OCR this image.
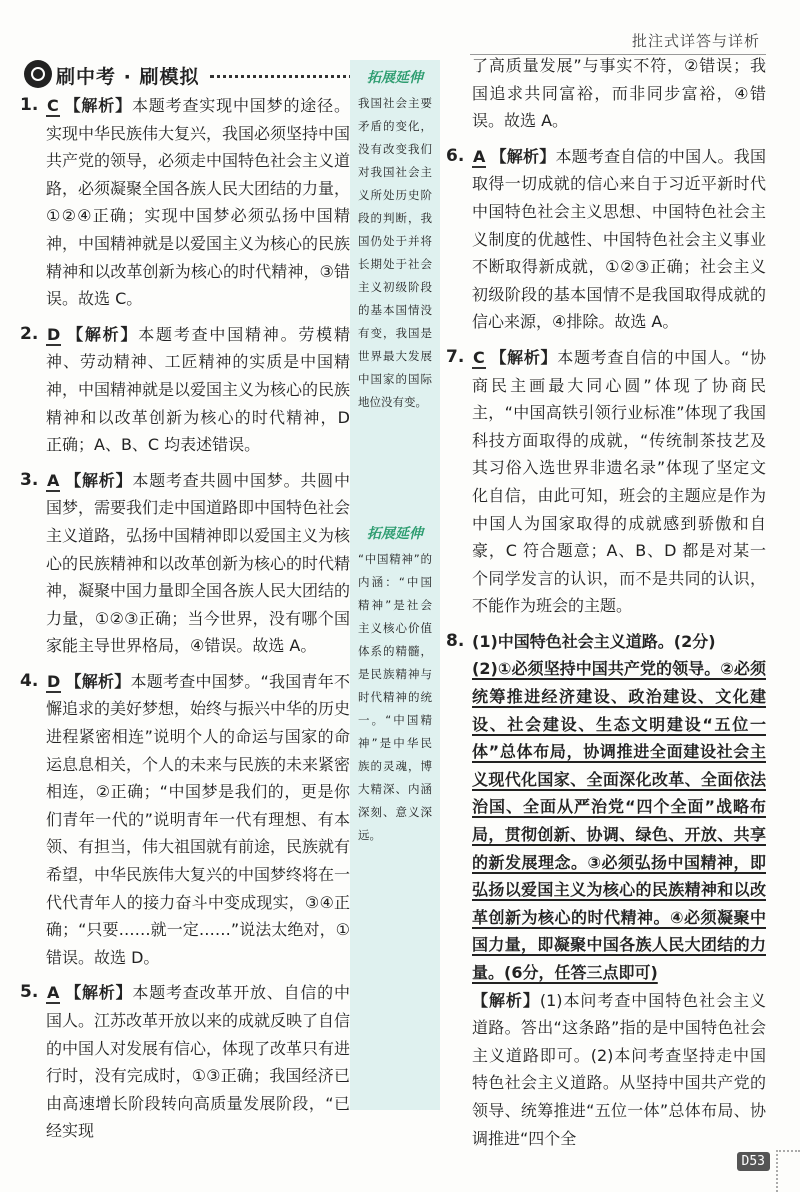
批注式详答与详析
刷中考 · 刷模拟
1. C 【解析】本题考查实现中国梦的途径。实现中华民族伟大复兴，我国必须坚持中国共产党的领导，必须走中国特色社会主义道路，必须凝聚全国各族人民大团结的力量，①②④正确；实现中国梦必须弘扬中国精神，中国精神就是以爱国主义为核心的民族精神和以改革创新为核心的时代精神，③错误。故选 C。
2. D 【解析】本题考查中国精神。劳模精神、劳动精神、工匠精神的实质是中国精神，中国精神就是以爱国主义为核心的民族精神和以改革创新为核心的时代精神，D 正确；A、B、C 均表述错误。
3. A 【解析】本题考查共圆中国梦。共圆中国梦，需要我们走中国道路即中国特色社会主义道路，弘扬中国精神即以爱国主义为核心的民族精神和以改革创新为核心的时代精神，凝聚中国力量即全国各族人民大团结的力量，①②③正确；当今世界，没有哪个国家能主导世界格局，④错误。故选 A。
4. D 【解析】本题考查中国梦。“我国青年不懈追求的美好梦想，始终与振兴中华的历史进程紧密相连”说明个人的命运与国家的命运息息相关，个人的未来与民族的未来紧密相连，②正确；“中国梦是我们的，更是你们青年一代的”说明青年一代有理想、有本领、有担当，伟大祖国就有前途，民族就有希望，中华民族伟大复兴的中国梦终将在一代代青年人的接力奋斗中变成现实，③④正确；“只要……就一定……”说法太绝对，①错误。故选 D。
5. A 【解析】本题考查改革开放、自信的中国人。江苏改革开放以来的成就反映了自信的中国人对发展有信心，体现了改革只有进行时，没有完成时，①③正确；我国经济已由高速增长阶段转向高质量发展阶段，“已经实现
拓展延伸
我国社会主要矛盾的变化，没有改变我们对我国社会主义所处历史阶段的判断，我国仍处于并将长期处于社会主义初级阶段的基本国情没有变，我国是世界最大发展中国家的国际地位没有变。
拓展延伸
“中国精神”的内涵：“中国精神”是社会主义核心价值体系的精髓，是民族精神与时代精神的统一。“中国精神”是中华民族的灵魂，博大精深、内涵深刻、意义深远。
了高质量发展”与事实不符，②错误；我国追求共同富裕，而非同步富裕，④错误。故选 A。
6. A 【解析】本题考查自信的中国人。我国取得一切成就的信心来自于习近平新时代中国特色社会主义思想、中国特色社会主义制度的优越性、中国特色社会主义事业不断取得新成就，①②③正确；社会主义初级阶段的基本国情不是我国取得成就的信心来源，④排除。故选 A。
7. C 【解析】本题考查自信的中国人。“协商民主画最大同心圆”体现了协商民主，“中国高铁引领行业标准”体现了我国科技方面取得的成就，“传统制茶技艺及其习俗入选世界非遗名录”体现了坚定文化自信，由此可知，班会的主题应是作为中国人为国家取得的成就感到骄傲和自豪，C 符合题意；A、B、D 都是对某一个同学发言的认识，而不是共同的认识，不能作为班会的主题。
8. (1)中国特色社会主义道路。(2分)
(2)①必须坚持中国共产党的领导。②必须统筹推进经济建设、政治建设、文化建设、社会建设、生态文明建设“五位一体”总体布局，协调推进全面建设社会主义现代化国家、全面深化改革、全面依法治国、全面从严治党“四个全面”战略布局，贯彻创新、协调、绿色、开放、共享的新发展理念。③必须弘扬中国精神，即弘扬以爱国主义为核心的民族精神和以改革创新为核心的时代精神。④必须凝聚中国力量，即凝聚中国各族人民大团结的力量。(6分，任答三点即可)
【解析】(1)本问考查中国特色社会主义道路。答出“这条路”指的是中国特色社会主义道路即可。(2)本问考查坚持走中国特色社会主义道路。从坚持中国共产党的领导、统筹推进“五位一体”总体布局、协调推进“四个全
D53
